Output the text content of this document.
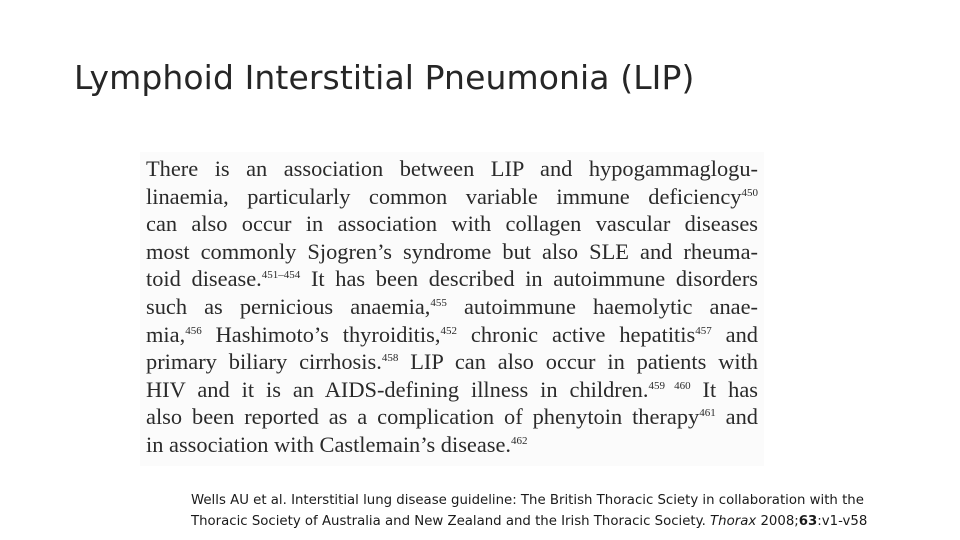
Lymphoid Interstitial Pneumonia (LIP)

There is an association between LIP and hypogammaglogu-
linaemia, particularly common variable immune deficiency$^{450}$
can also occur in association with collagen vascular diseases
most commonly Sjogren’s syndrome but also SLE and rheuma-
toid disease.$^{451-454}$ It has been described in autoimmune disorders
such as pernicious anaemia,$^{455}$ autoimmune haemolytic anae-
mia,$^{456}$ Hashimoto’s thyroiditis,$^{452}$ chronic active hepatitis$^{457}$ and
primary biliary cirrhosis.$^{458}$ LIP can also occur in patients with
HIV and it is an AIDS-defining illness in children.$^{459 460}$ It has
also been reported as a complication of phenytoin therapy$^{461}$ and
in association with Castlemain’s disease.$^{462}$

Wells AU et al. Interstitial lung disease guideline: The British Thoracic Sciety in collaboration with the
Thoracic Society of Australia and New Zealand and the Irish Thoracic Society. Thorax 2008;63:v1-v58
